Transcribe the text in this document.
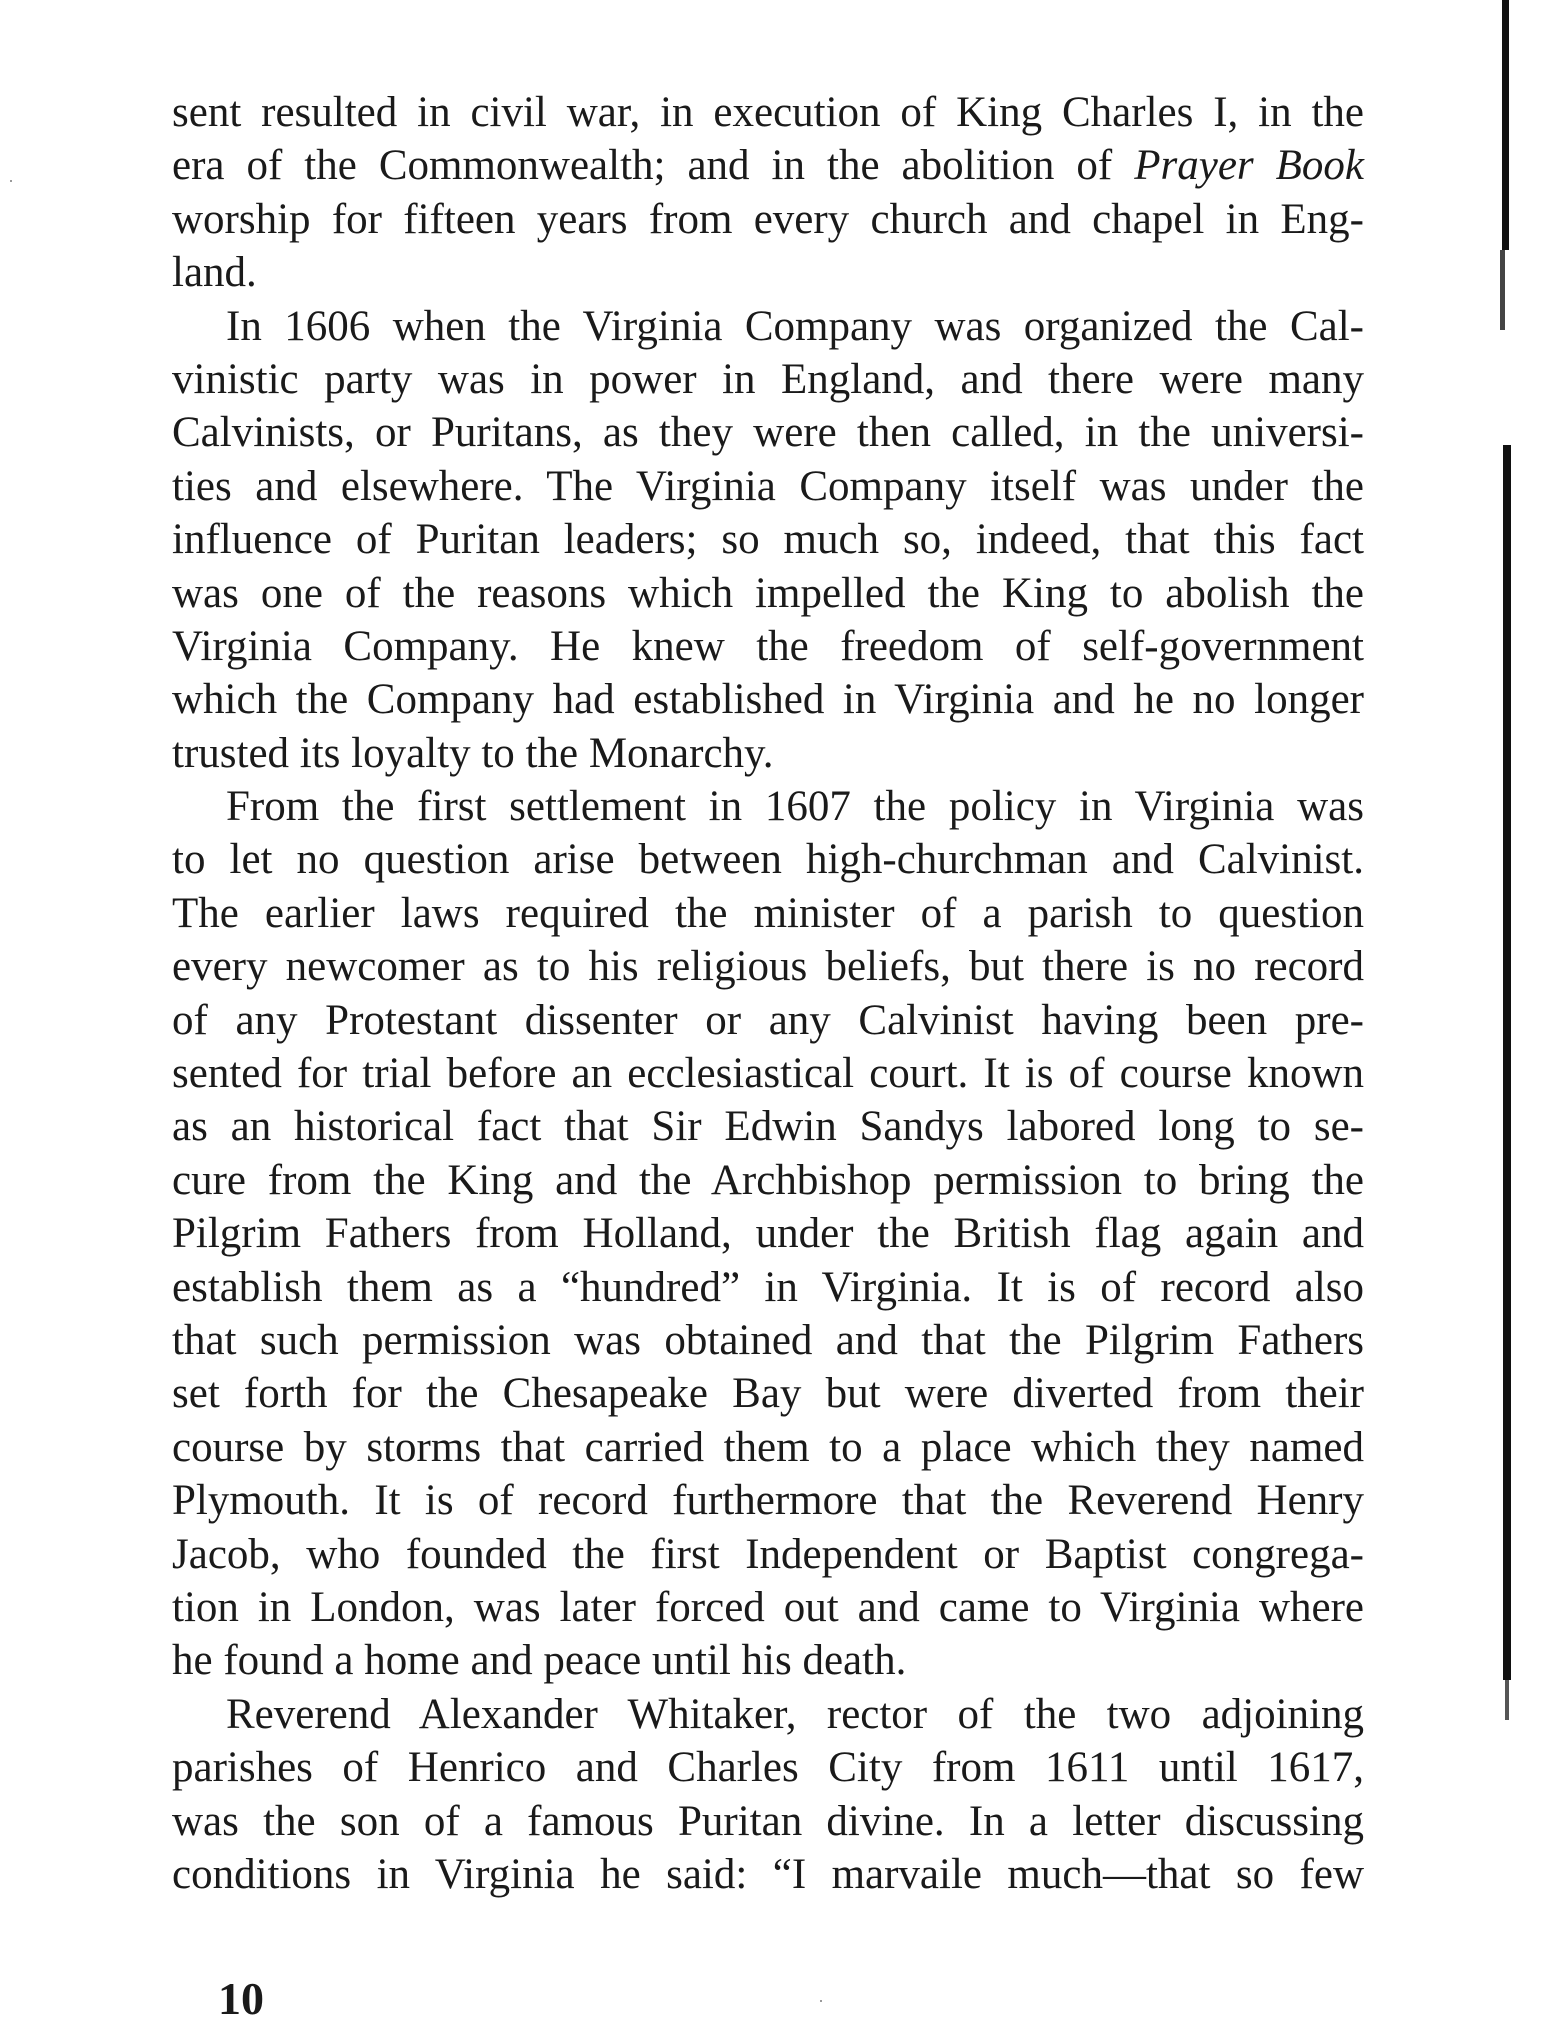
sent resulted in civil war, in execution of King Charles I, in the
era of the Commonwealth; and in the abolition of Prayer Book
worship for fifteen years from every church and chapel in Eng-
land.
In 1606 when the Virginia Company was organized the Cal-
vinistic party was in power in England, and there were many
Calvinists, or Puritans, as they were then called, in the universi-
ties and elsewhere. The Virginia Company itself was under the
influence of Puritan leaders; so much so, indeed, that this fact
was one of the reasons which impelled the King to abolish the
Virginia Company. He knew the freedom of self-government
which the Company had established in Virginia and he no longer
trusted its loyalty to the Monarchy.
From the first settlement in 1607 the policy in Virginia was
to let no question arise between high-churchman and Calvinist.
The earlier laws required the minister of a parish to question
every newcomer as to his religious beliefs, but there is no record
of any Protestant dissenter or any Calvinist having been pre-
sented for trial before an ecclesiastical court. It is of course known
as an historical fact that Sir Edwin Sandys labored long to se-
cure from the King and the Archbishop permission to bring the
Pilgrim Fathers from Holland, under the British flag again and
establish them as a “hundred” in Virginia. It is of record also
that such permission was obtained and that the Pilgrim Fathers
set forth for the Chesapeake Bay but were diverted from their
course by storms that carried them to a place which they named
Plymouth. It is of record furthermore that the Reverend Henry
Jacob, who founded the first Independent or Baptist congrega-
tion in London, was later forced out and came to Virginia where
he found a home and peace until his death.
Reverend Alexander Whitaker, rector of the two adjoining
parishes of Henrico and Charles City from 1611 until 1617,
was the son of a famous Puritan divine. In a letter discussing
conditions in Virginia he said: “I marvaile much—that so few
10
